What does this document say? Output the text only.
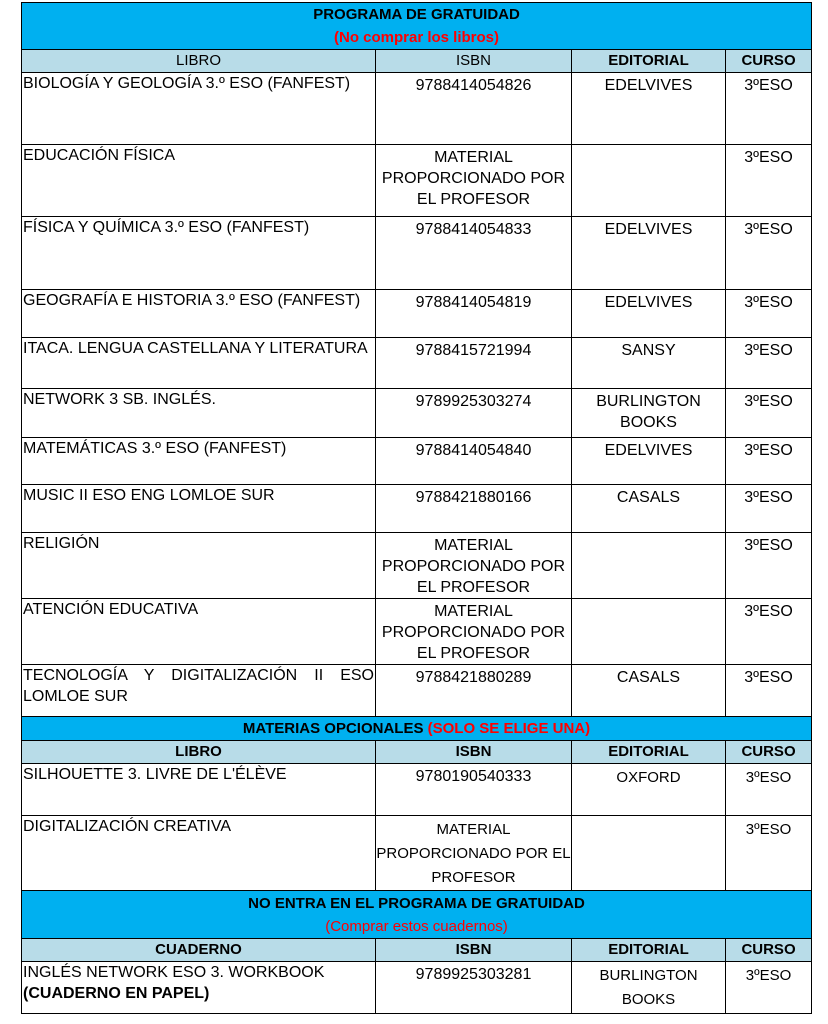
PROGRAMA DE GRATUIDAD
(No comprar los libros)			

LIBRO	ISBN	EDITORIAL	CURSO
BIOLOGÍA Y GEOLOGÍA 3.º ESO (FANFEST)	9788414054826	EDELVIVES	3ºESO
EDUCACIÓN FÍSICA	MATERIAL PROPORCIONADO POR EL PROFESOR		3ºESO
FÍSICA Y QUÍMICA 3.º ESO (FANFEST)	9788414054833	EDELVIVES	3ºESO
GEOGRAFÍA E HISTORIA 3.º ESO (FANFEST)	9788414054819	EDELVIVES	3ºESO
ITACA. LENGUA CASTELLANA Y LITERATURA	9788415721994	SANSY	3ºESO
NETWORK 3 SB. INGLÉS.	9789925303274	BURLINGTON BOOKS	3ºESO
MATEMÁTICAS 3.º ESO (FANFEST)	9788414054840	EDELVIVES	3ºESO
MUSIC II ESO ENG LOMLOE SUR	9788421880166	CASALS	3ºESO
RELIGIÓN	MATERIAL PROPORCIONADO POR EL PROFESOR		3ºESO
ATENCIÓN EDUCATIVA	MATERIAL PROPORCIONADO POR EL PROFESOR		3ºESO
TECNOLOGÍA Y DIGITALIZACIÓN II ESO LOMLOE SUR	9788421880289	CASALS	3ºESO
MATERIAS OPCIONALES (SOLO SE ELIGE UNA)			
LIBRO	ISBN	EDITORIAL	CURSO
SILHOUETTE 3. LIVRE DE L'ÉLÈVE	9780190540333	OXFORD	3ºESO
DIGITALIZACIÓN CREATIVA	MATERIAL PROPORCIONADO POR EL PROFESOR		3ºESO

NO ENTRA EN EL PROGRAMA DE GRATUIDAD
(Comprar estos cuadernos)			

CUADERNO	ISBN	EDITORIAL	CURSO

INGLÉS NETWORK ESO 3. WORKBOOK
(CUADERNO EN PAPEL)	9789925303281	BURLINGTON BOOKS	3ºESO
